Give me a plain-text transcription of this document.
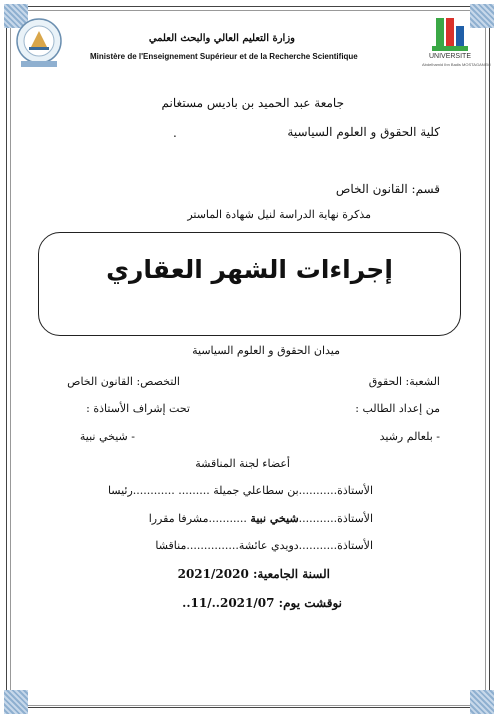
UNIVERSITE
Abdelhamid Ibn Badis MOSTAGANEM
وزارة التعليم العالي والبحث العلمي
Ministère de l'Enseignement Supérieur et de la Recherche Scientifique
جامعة عبد الحميد بن باديس مستغانم
كلية الحقوق و العلوم السياسية
.
قسم: القانون الخاص
مذكرة نهاية الدراسة لنيل شهادة الماستر
إجراءات الشهر العقاري
ميدان الحقوق و العلوم السياسية
الشعبة: الحقوق
التخصص: القانون الخاص
من إعداد الطالب :
تحت إشراف الأستاذة :
- بلعالم رشيد
- شيخي نبية
أعضاء لجنة المناقشة
الأستاذة...........بن سطاعلي جميلة ......... ............رئيسا
الأستاذة...........شيخي نبية ...........مشرفا مقررا
الأستاذة...........دويدي عائشة...............مناقشا
السنة الجامعية: 2021/2020
نوقشت يوم: 2021/07../11..
